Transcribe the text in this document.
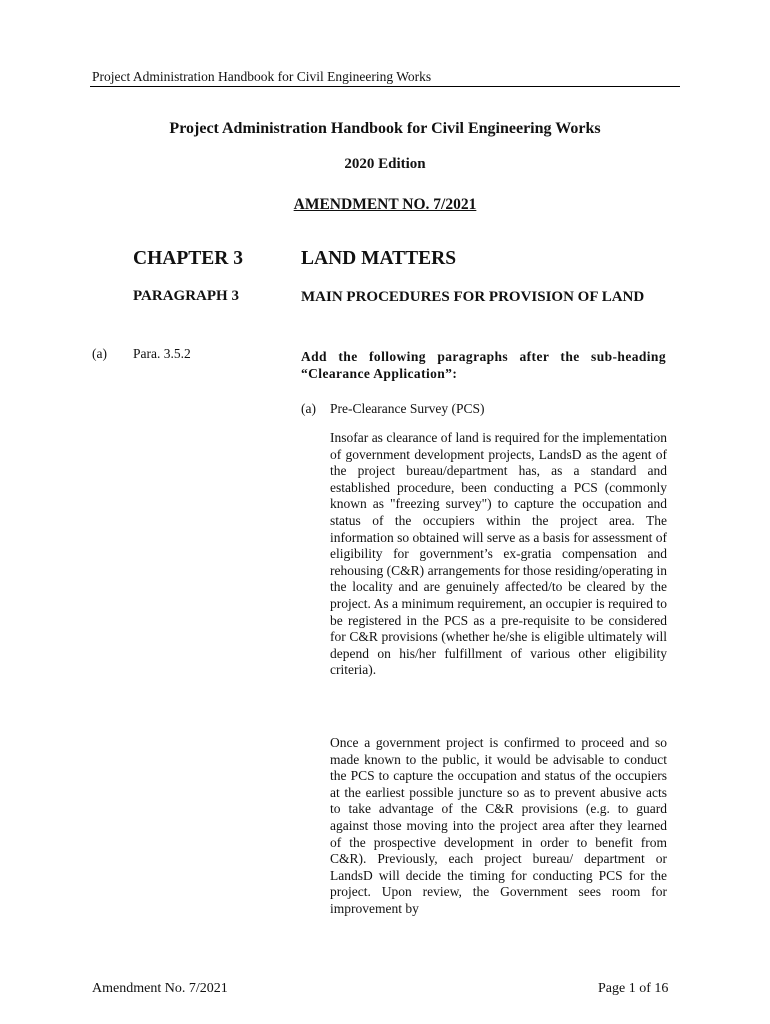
Project Administration Handbook for Civil Engineering Works
Project Administration Handbook for Civil Engineering Works
2020 Edition
AMENDMENT NO. 7/2021
CHAPTER 3	LAND MATTERS
PARAGRAPH 3	MAIN PROCEDURES FOR PROVISION OF LAND
(a) Para. 3.5.2	Add the following paragraphs after the sub-heading “Clearance Application”:
(a) Pre-Clearance Survey (PCS)
Insofar as clearance of land is required for the implementation of government development projects, LandsD as the agent of the project bureau/department has, as a standard and established procedure, been conducting a PCS (commonly known as "freezing survey") to capture the occupation and status of the occupiers within the project area. The information so obtained will serve as a basis for assessment of eligibility for government’s ex-gratia compensation and rehousing (C&R) arrangements for those residing/operating in the locality and are genuinely affected/to be cleared by the project. As a minimum requirement, an occupier is required to be registered in the PCS as a pre-requisite to be considered for C&R provisions (whether he/she is eligible ultimately will depend on his/her fulfillment of various other eligibility criteria).
Once a government project is confirmed to proceed and so made known to the public, it would be advisable to conduct the PCS to capture the occupation and status of the occupiers at the earliest possible juncture so as to prevent abusive acts to take advantage of the C&R provisions (e.g. to guard against those moving into the project area after they learned of the prospective development in order to benefit from C&R). Previously, each project bureau/ department or LandsD will decide the timing for conducting PCS for the project. Upon review, the Government sees room for improvement by
Amendment No. 7/2021	Page 1 of 16
